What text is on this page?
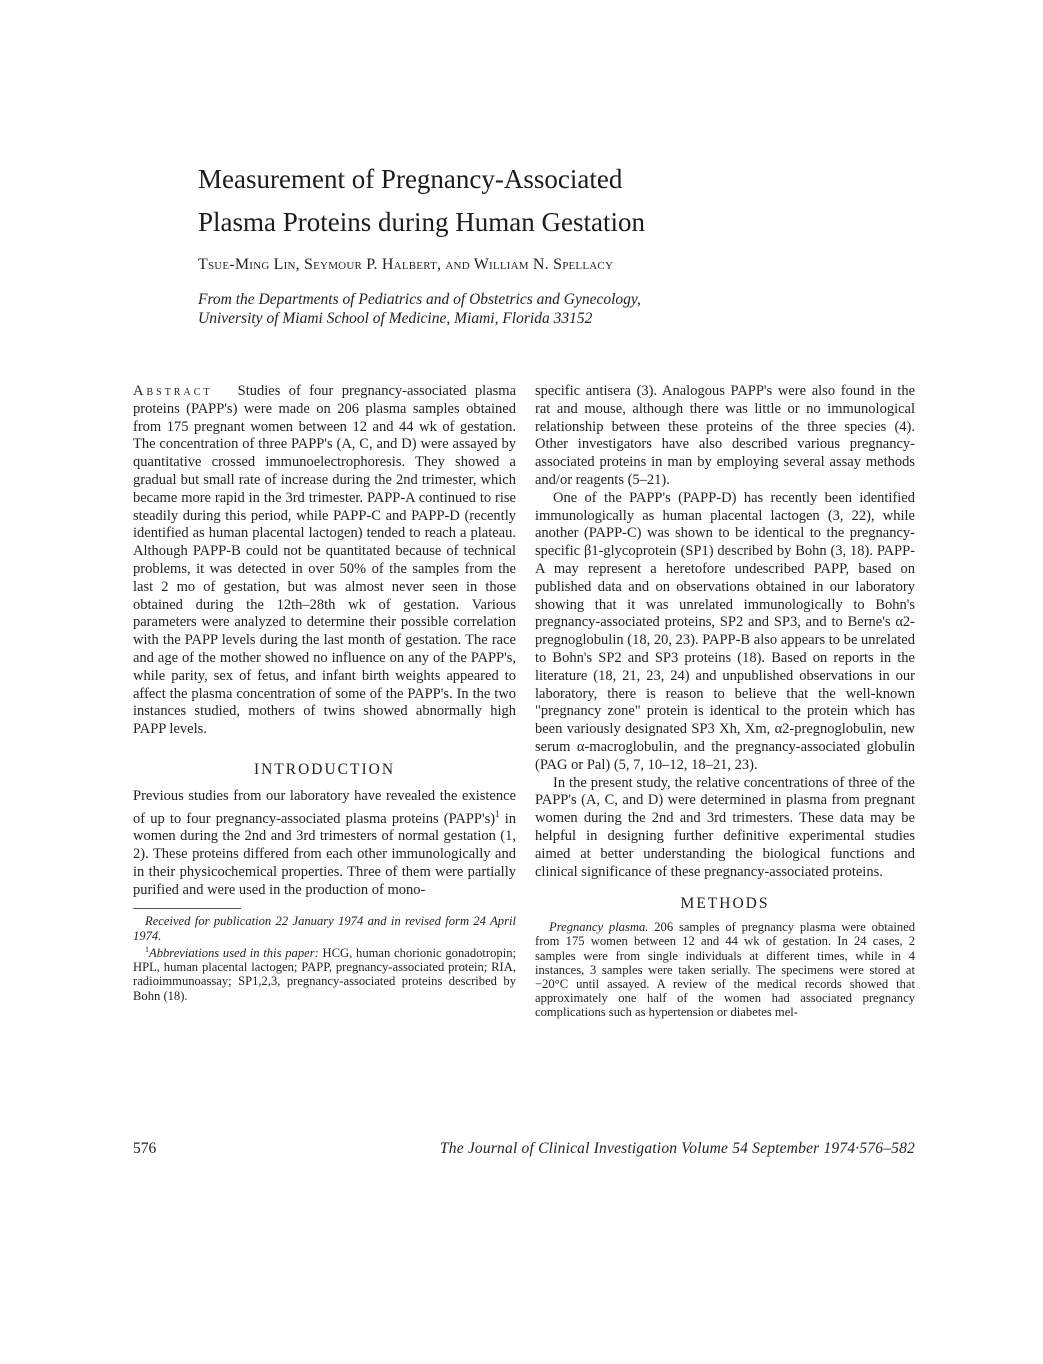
Measurement of Pregnancy-Associated
Plasma Proteins during Human Gestation
Tsue-Ming Lin, Seymour P. Halbert, and William N. Spellacy
From the Departments of Pediatrics and of Obstetrics and Gynecology,
University of Miami School of Medicine, Miami, Florida 33152

Abstract Studies of four pregnancy-associated plasma proteins (PAPP's) were made on 206 plasma samples obtained from 175 pregnant women between 12 and 44 wk of gestation. The concentration of three PAPP's (A, C, and D) were assayed by quantitative crossed immunoelectrophoresis. They showed a gradual but small rate of increase during the 2nd trimester, which became more rapid in the 3rd trimester. PAPP-A continued to rise steadily during this period, while PAPP-C and PAPP-D (recently identified as human placental lactogen) tended to reach a plateau. Although PAPP-B could not be quantitated because of technical problems, it was detected in over 50% of the samples from the last 2 mo of gestation, but was almost never seen in those obtained during the 12th–28th wk of gestation. Various parameters were analyzed to determine their possible correlation with the PAPP levels during the last month of gestation. The race and age of the mother showed no influence on any of the PAPP's, while parity, sex of fetus, and infant birth weights appeared to affect the plasma concentration of some of the PAPP's. In the two instances studied, mothers of twins showed abnormally high PAPP levels.

INTRODUCTION

Previous studies from our laboratory have revealed the existence of up to four pregnancy-associated plasma proteins (PAPP's)$^1$ in women during the 2nd and 3rd trimesters of normal gestation (1, 2). These proteins differed from each other immunologically and in their physicochemical properties. Three of them were partially purified and were used in the production of mono-

Received for publication 22 January 1974 and in revised form 24 April 1974.

$^1$Abbreviations used in this paper: HCG, human chorionic gonadotropin; HPL, human placental lactogen; PAPP, pregnancy-associated protein; RIA, radioimmunoassay; SP1,2,3, pregnancy-associated proteins described by Bohn (18).

specific antisera (3). Analogous PAPP's were also found in the rat and mouse, although there was little or no immunological relationship between these proteins of the three species (4). Other investigators have also described various pregnancy-associated proteins in man by employing several assay methods and/or reagents (5–21).

One of the PAPP's (PAPP-D) has recently been identified immunologically as human placental lactogen (3, 22), while another (PAPP-C) was shown to be identical to the pregnancy-specific β1-glycoprotein (SP1) described by Bohn (3, 18). PAPP-A may represent a heretofore undescribed PAPP, based on published data and on observations obtained in our laboratory showing that it was unrelated immunologically to Bohn's pregnancy-associated proteins, SP2 and SP3, and to Berne's α2-pregnoglobulin (18, 20, 23). PAPP-B also appears to be unrelated to Bohn's SP2 and SP3 proteins (18). Based on reports in the literature (18, 21, 23, 24) and unpublished observations in our laboratory, there is reason to believe that the well-known "pregnancy zone" protein is identical to the protein which has been variously designated SP3 Xh, Xm, α2-pregnoglobulin, new serum α-macroglobulin, and the pregnancy-associated globulin (PAG or Pal) (5, 7, 10–12, 18–21, 23).

In the present study, the relative concentrations of three of the PAPP's (A, C, and D) were determined in plasma from pregnant women during the 2nd and 3rd trimesters. These data may be helpful in designing further definitive experimental studies aimed at better understanding the biological functions and clinical significance of these pregnancy-associated proteins.

METHODS

Pregnancy plasma. 206 samples of pregnancy plasma were obtained from 175 women between 12 and 44 wk of gestation. In 24 cases, 2 samples were from single individuals at different times, while in 4 instances, 3 samples were taken serially. The specimens were stored at −20°C until assayed. A review of the medical records showed that approximately one half of the women had associated pregnancy complications such as hypertension or diabetes mel-

576	The Journal of Clinical Investigation Volume 54 September 1974·576–582
